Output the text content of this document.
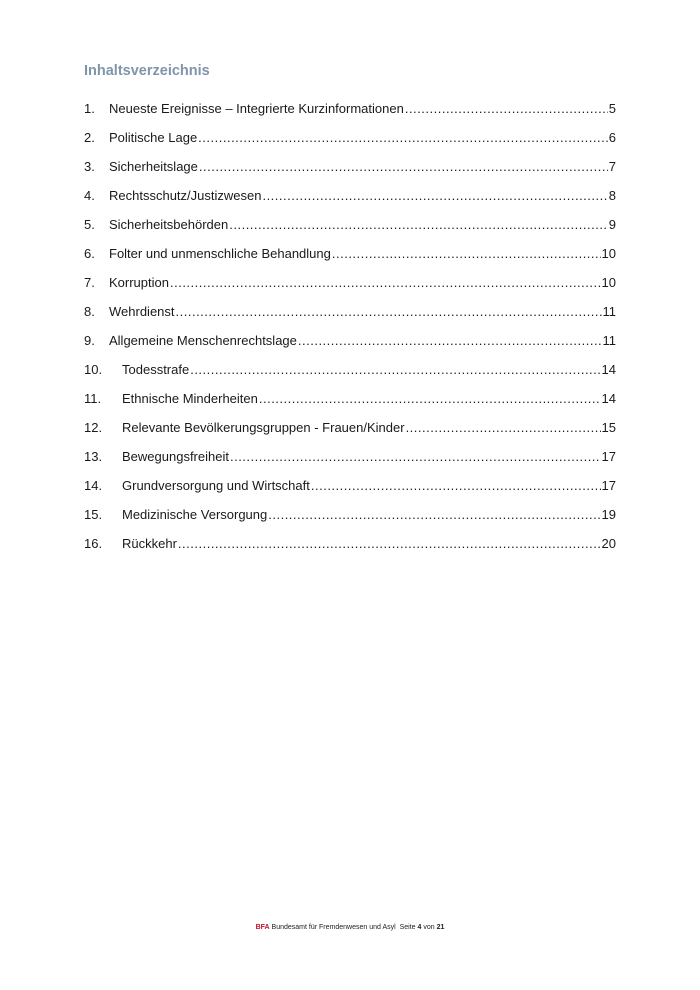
Inhaltsverzeichnis
1.	Neueste Ereignisse – Integrierte Kurzinformationen .....	5
2.	Politische Lage .....	6
3.	Sicherheitslage .....	7
4.	Rechtsschutz/Justizwesen .....	8
5.	Sicherheitsbehörden .....	9
6.	Folter und unmenschliche Behandlung .....	10
7.	Korruption .....	10
8.	Wehrdienst .....	11
9.	Allgemeine Menschenrechtslage .....	11
10.	Todesstrafe .....	14
11.	Ethnische Minderheiten .....	14
12.	Relevante Bevölkerungsgruppen - Frauen/Kinder .....	15
13.	Bewegungsfreiheit .....	17
14.	Grundversorgung und Wirtschaft .....	17
15.	Medizinische Versorgung .....	19
16.	Rückkehr .....	20
BFA Bundesamt für Fremdenwesen und Asyl Seite 4 von 21
